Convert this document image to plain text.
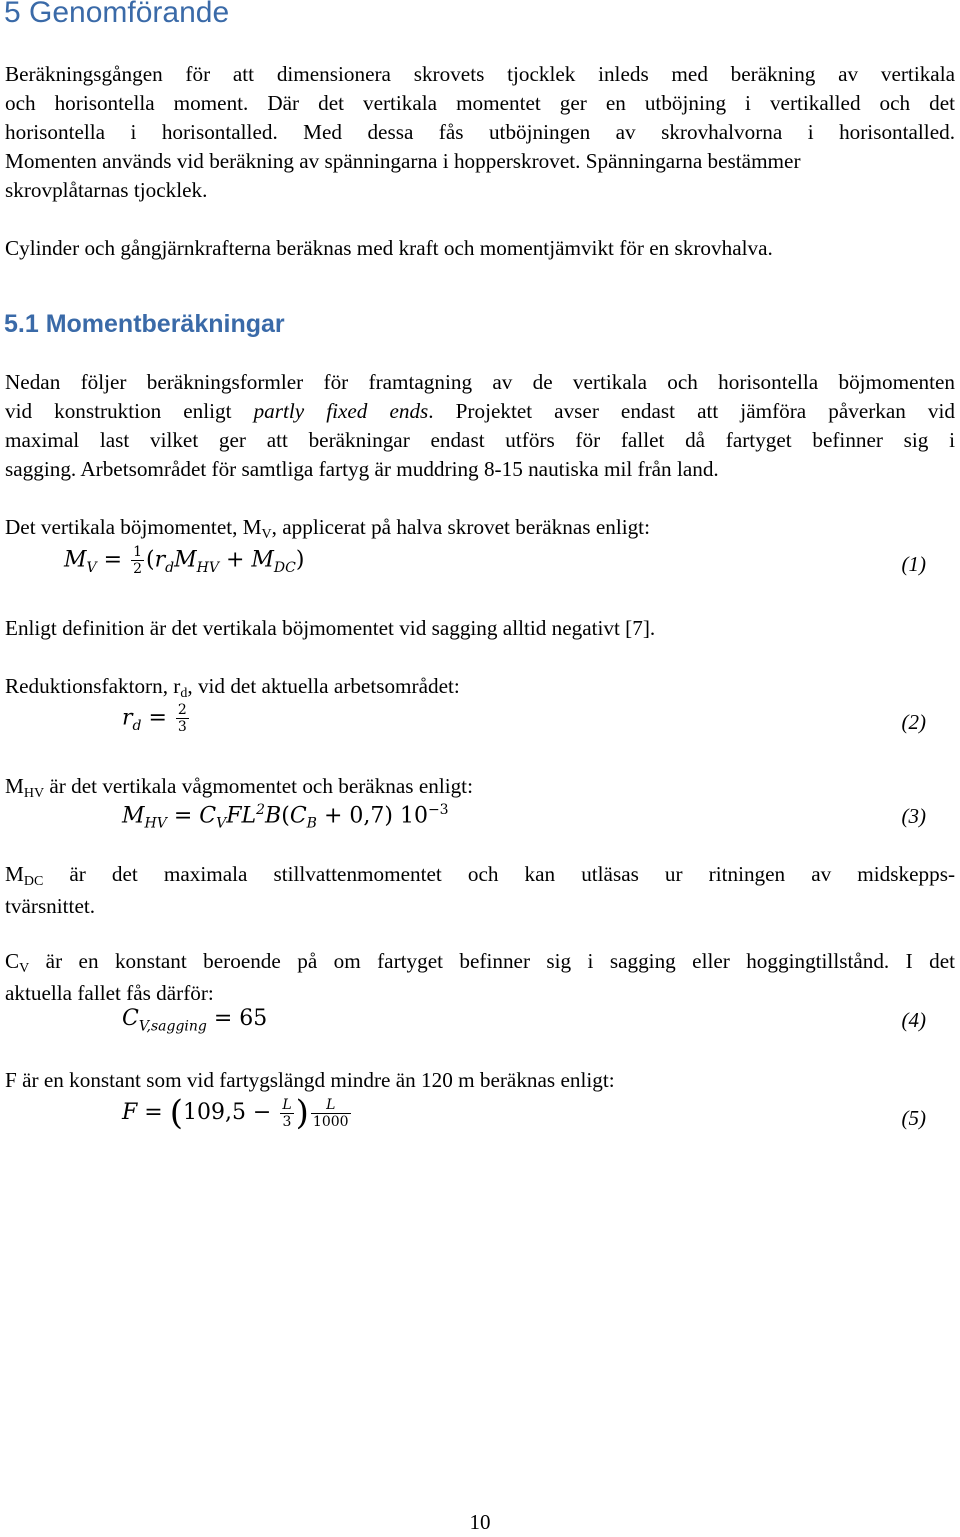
5 Genomförande
Beräkningsgången för att dimensionera skrovets tjocklek inleds med beräkning av vertikala
och horisontella moment. Där det vertikala momentet ger en utböjning i vertikalled och det
horisontella i horisontalled. Med dessa fås utböjningen av skrovhalvorna i horisontalled.
Momenten används vid beräkning av spänningarna i hopperskrovet. Spänningarna bestämmer
skrovplåtarnas tjocklek.
Cylinder och gångjärnkrafterna beräknas med kraft och momentjämvikt för en skrovhalva.
5.1 Momentberäkningar
Nedan följer beräkningsformler för framtagning av de vertikala och horisontella böjmomenten
vid konstruktion enligt partly fixed ends. Projektet avser endast att jämföra påverkan vid
maximal last vilket ger att beräkningar endast utförs för fallet då fartyget befinner sig i
sagging. Arbetsområdet för samtliga fartyg är muddring 8-15 nautiska mil från land.
Det vertikala böjmomentet, MV, applicerat på halva skrovet beräknas enligt:
$M_V = \frac{1}{2} (r_dM_{HV} + M_{DC})$	(1)
Enligt definition är det vertikala böjmomentet vid sagging alltid negativt [7].
Reduktionsfaktorn, rd, vid det aktuella arbetsområdet:
$r_d = \frac{2}{3}$	(2)
MHV är det vertikala vågmomentet och beräknas enligt:
$M_{HV} = C_VFL^2B(C_B + 0,7)$ $10^{-3}$	(3)
MDC är det maximala stillvattenmomentet och kan utläsas ur ritningen av midskepps-
tvärsnittet.
CV är en konstant beroende på om fartyget befinner sig i sagging eller hoggingtillstånd. I det
aktuella fallet fås därför:
$C_{V,sagging} = 65$	(4)
F är en konstant som vid fartygslängd mindre än 120 m beräknas enligt:
$F = (109,5 - \frac{L}{3}$ ) $\frac{L}{1000}$	(5)
10
